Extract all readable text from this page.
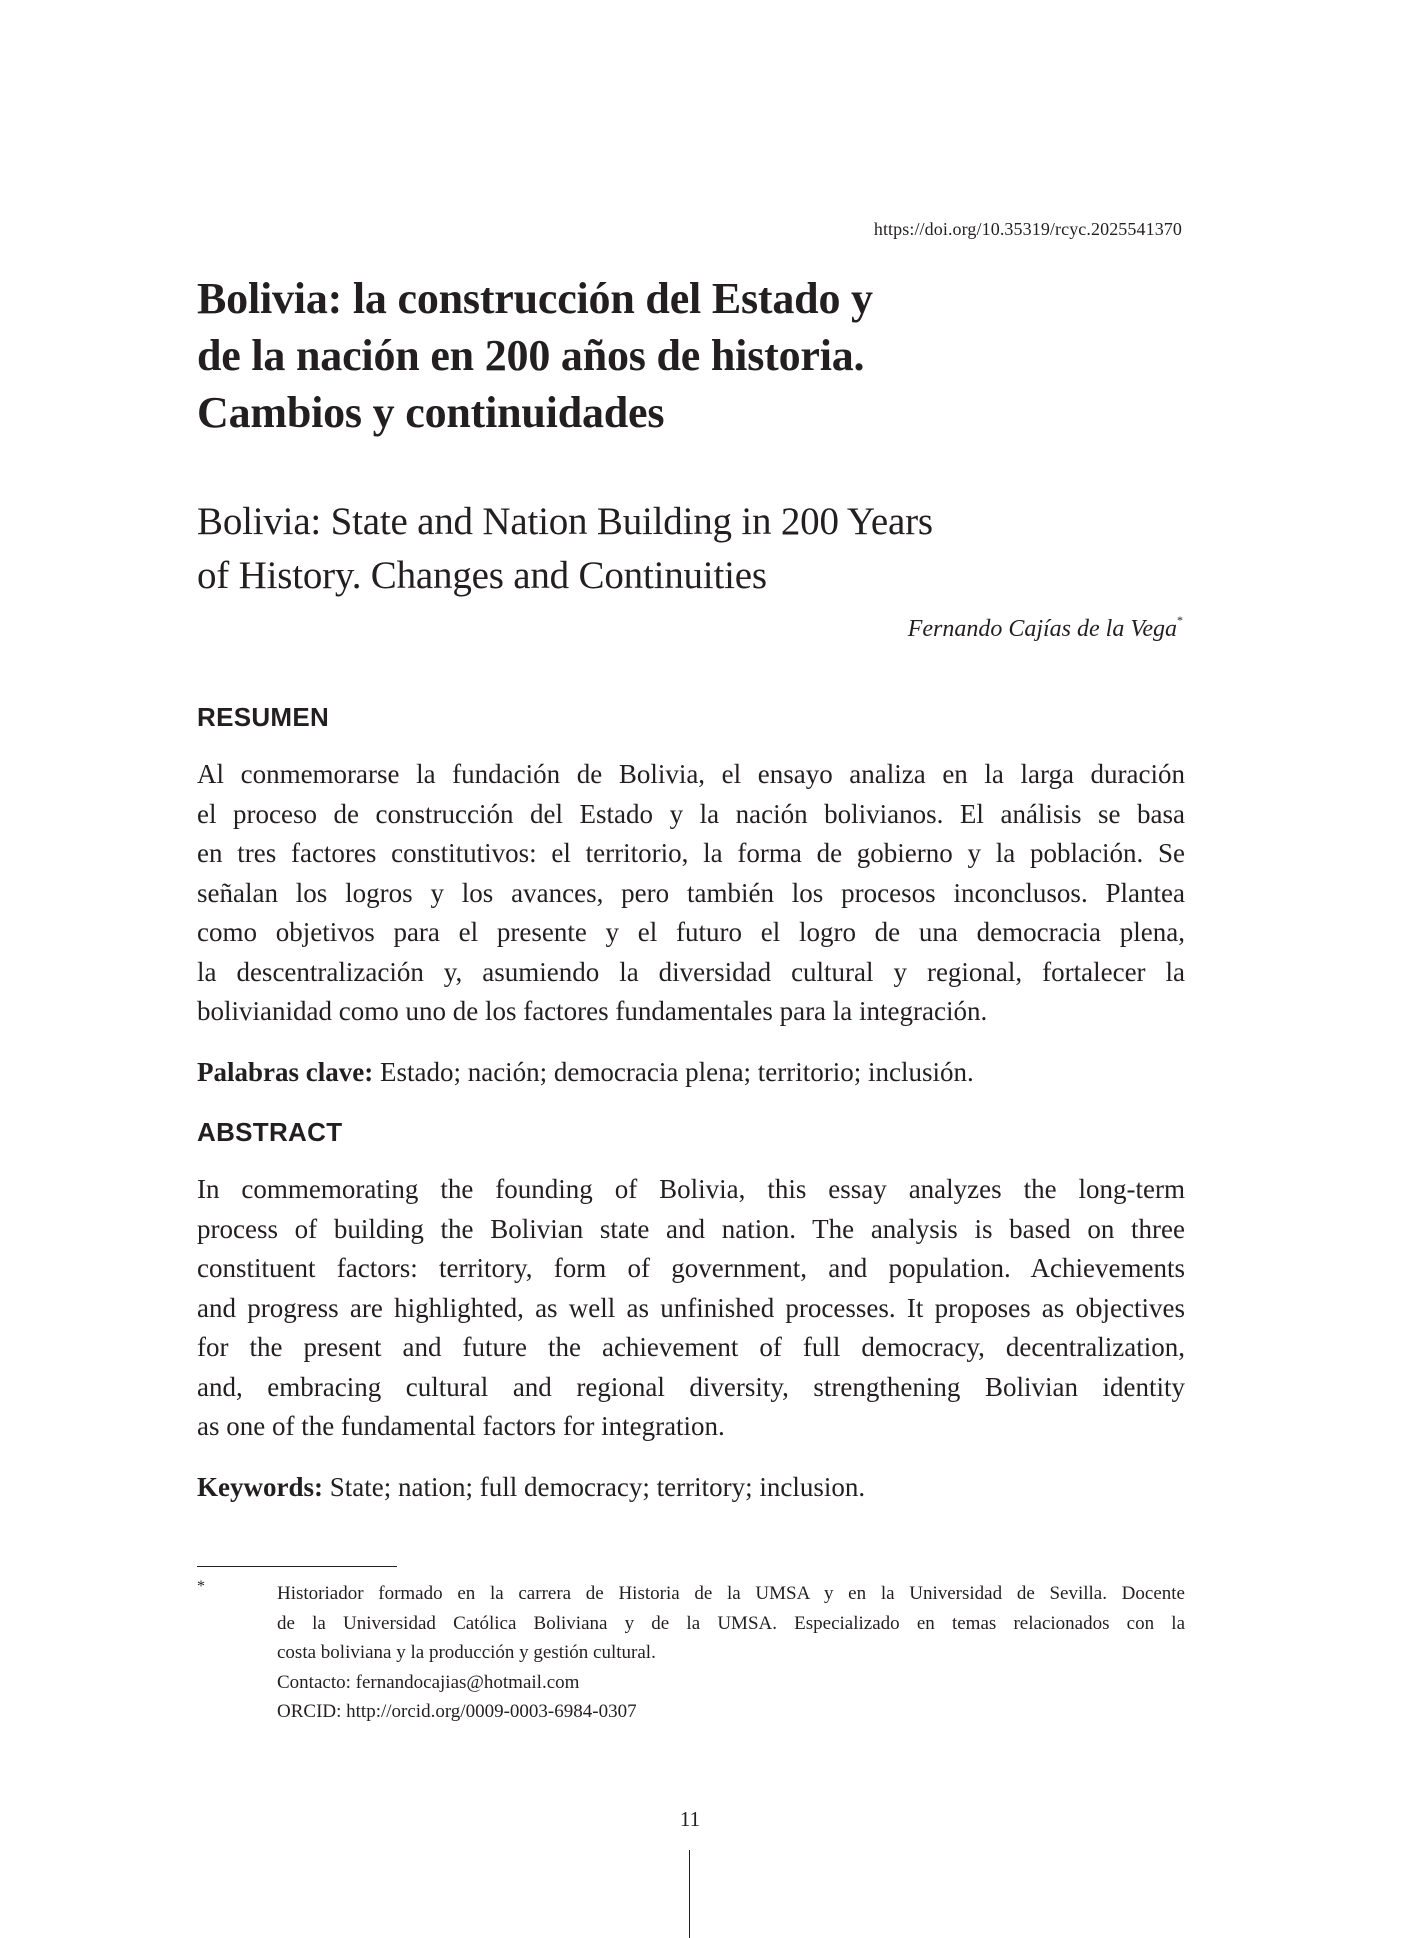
https://doi.org/10.35319/rcyc.2025541370
Bolivia: la construcción del Estado y
de la nación en 200 años de historia.
Cambios y continuidades
Bolivia: State and Nation Building in 200 Years
of History. Changes and Continuities
Fernando Cajías de la Vega*
RESUMEN
Al conmemorarse la fundación de Bolivia, el ensayo analiza en la larga duración
el proceso de construcción del Estado y la nación bolivianos. El análisis se basa
en tres factores constitutivos: el territorio, la forma de gobierno y la población. Se
señalan los logros y los avances, pero también los procesos inconclusos. Plantea
como objetivos para el presente y el futuro el logro de una democracia plena,
la descentralización y, asumiendo la diversidad cultural y regional, fortalecer la
bolivianidad como uno de los factores fundamentales para la integración.
Palabras clave: Estado; nación; democracia plena; territorio; inclusión.
ABSTRACT
In commemorating the founding of Bolivia, this essay analyzes the long-term
process of building the Bolivian state and nation. The analysis is based on three
constituent factors: territory, form of government, and population. Achievements
and progress are highlighted, as well as unfinished processes. It proposes as objectives
for the present and future the achievement of full democracy, decentralization,
and, embracing cultural and regional diversity, strengthening Bolivian identity
as one of the fundamental factors for integration.
Keywords: State; nation; full democracy; territory; inclusion.
*	Historiador formado en la carrera de Historia de la UMSA y en la Universidad de Sevilla. Docente
de la Universidad Católica Boliviana y de la UMSA. Especializado en temas relacionados con la
costa boliviana y la producción y gestión cultural.
Contacto: fernandocajias@hotmail.com
ORCID: http://orcid.org/0009-0003-6984-0307
11
